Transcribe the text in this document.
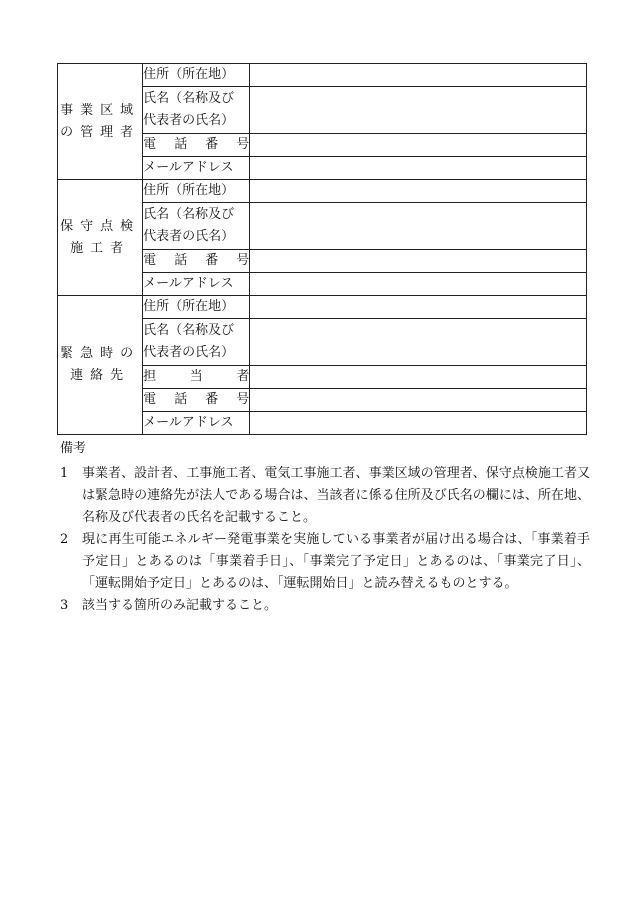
事業区域
の管理者	住所（所在地）	

	氏名（名称及び
代表者の氏名）	

	電 話 番 号	

	メールアドレス	

保守点検
施工者	住所（所在地）	

	氏名（名称及び
代表者の氏名）	

	電 話 番 号	

	メールアドレス	

緊急時の
連絡先	住所（所在地）	

	氏名（名称及び
代表者の氏名）	

	担 当 者	

	電 話 番 号	

	メールアドレス	

備考
1	事業者、設計者、工事施工者、電気工事施工者、事業区域の管理者、保守点検施工者又は緊急時の連絡先が法人である場合は、当該者に係る住所及び氏名の欄には、所在地、名称及び代表者の氏名を記載すること。
2	現に再生可能エネルギー発電事業を実施している事業者が届け出る場合は、「事業着手予定日」とあるのは「事業着手日」、「事業完了予定日」とあるのは、「事業完了日」、「運転開始予定日」とあるのは、「運転開始日」と読み替えるものとする。
3	該当する箇所のみ記載すること。
